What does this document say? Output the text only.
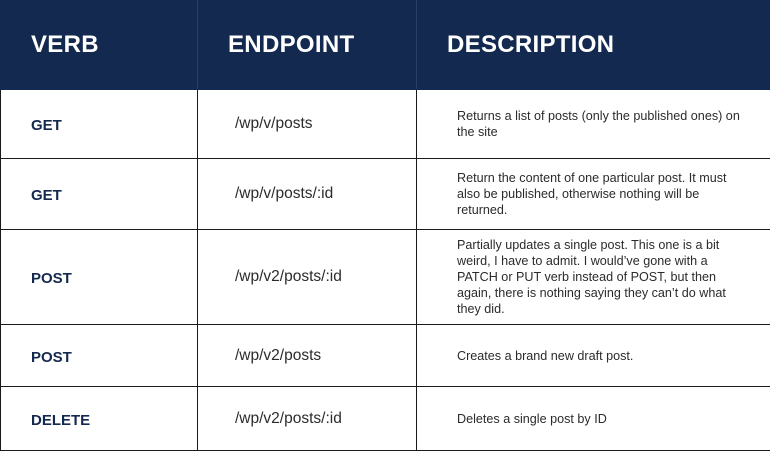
VERB	ENDPOINT	DESCRIPTION
GET	/wp/v/posts	Returns a list of posts (only the published ones) on the site
GET	/wp/v/posts/:id	Return the content of one particular post. It must also be published, otherwise nothing will be returned.
POST	/wp/v2/posts/:id	Partially updates a single post. This one is a bit weird, I have to admit. I would’ve gone with a PATCH or PUT verb instead of POST, but then again, there is nothing saying they can’t do what they did.
POST	/wp/v2/posts	Creates a brand new draft post.
DELETE	/wp/v2/posts/:id	Deletes a single post by ID
